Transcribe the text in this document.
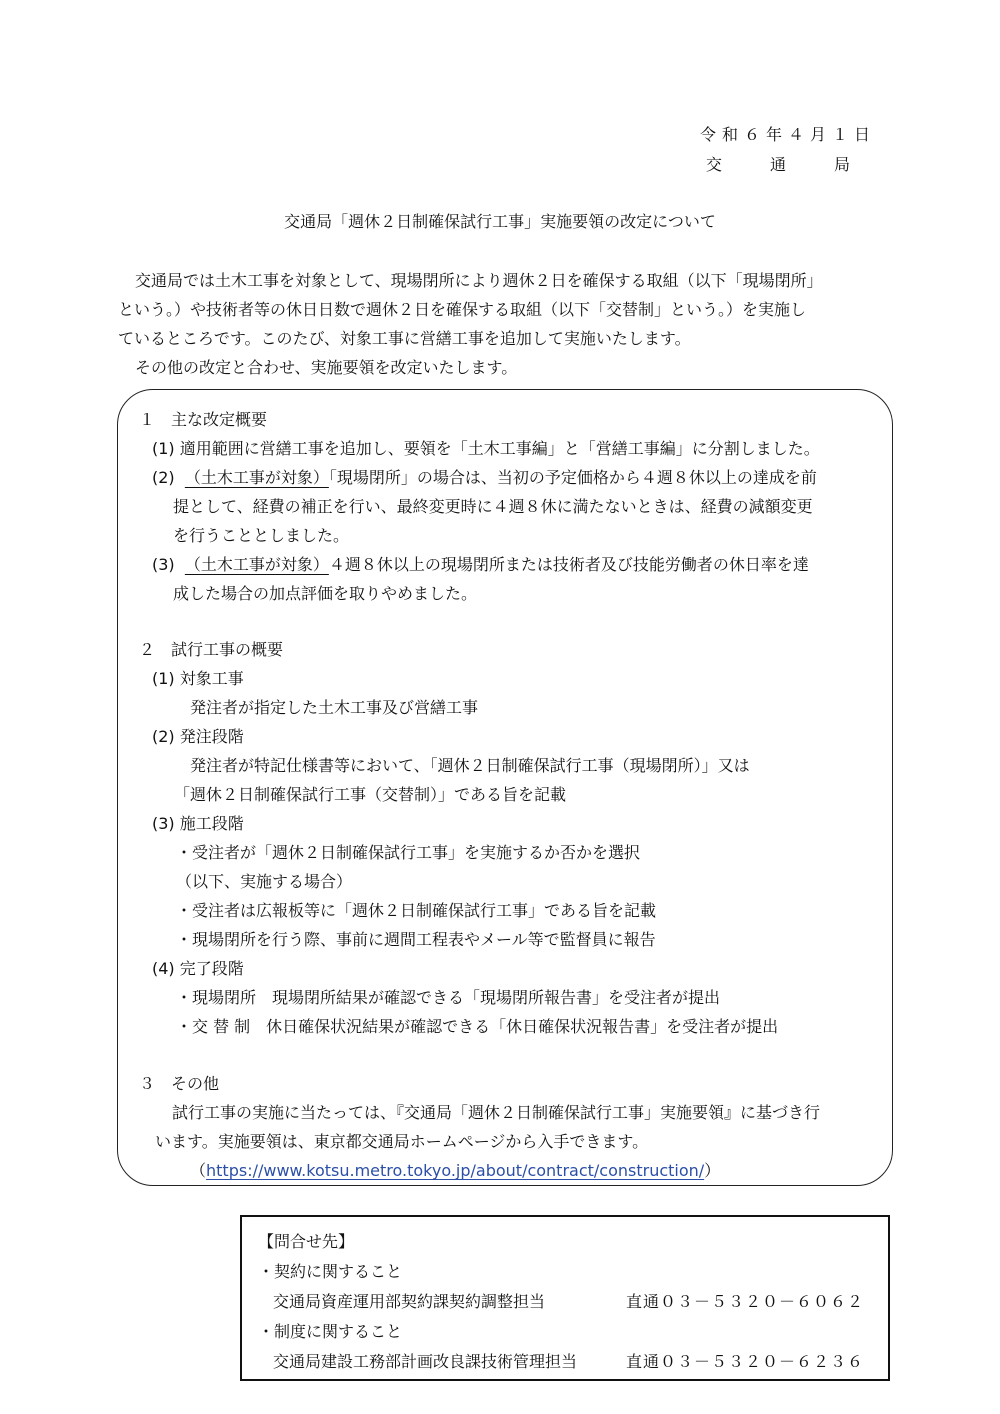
令和６年４月１日
交通局
交通局「週休２日制確保試行工事」実施要領の改定について

交通局では土木工事を対象として、現場閉所により週休２日を確保する取組（以下「現場閉所」

という。）や技術者等の休日日数で週休２日を確保する取組（以下「交替制」という。）を実施し

ているところです。このたび、対象工事に営繕工事を追加して実施いたします。

その他の改定と合わせ、実施要領を改定いたします。

１　主な改定概要
(1) 適用範囲に営繕工事を追加し、要領を「土木工事編」と「営繕工事編」に分割しました。
(2)  （土木工事が対象）「現場閉所」の場合は、当初の予定価格から４週８休以上の達成を前
提として、経費の補正を行い、最終変更時に４週８休に満たないときは、経費の減額変更
を行うこととしました。
(3)  （土木工事が対象）４週８休以上の現場閉所または技術者及び技能労働者の休日率を達
成した場合の加点評価を取りやめました。
２　試行工事の概要
(1) 対象工事
発注者が指定した土木工事及び営繕工事
(2) 発注段階
発注者が特記仕様書等において、「週休２日制確保試行工事（現場閉所）」又は
「週休２日制確保試行工事（交替制）」である旨を記載
(3) 施工段階
・受注者が「週休２日制確保試行工事」を実施するか否かを選択
（以下、実施する場合）
・受注者は広報板等に「週休２日制確保試行工事」である旨を記載
・現場閉所を行う際、事前に週間工程表やメール等で監督員に報告
(4) 完了段階
・現場閉所　現場閉所結果が確認できる「現場閉所報告書」を受注者が提出
・交 替 制　休日確保状況結果が確認できる「休日確保状況報告書」を受注者が提出
３　その他
試行工事の実施に当たっては、『交通局「週休２日制確保試行工事」実施要領』に基づき行
います。実施要領は、東京都交通局ホームページから入手できます。
（https://www.kotsu.metro.tokyo.jp/about/contract/construction/）
【問合せ先】
・契約に関すること
交通局資産運用部契約課契約調整担当	直通０３－５３２０－６０６２
・制度に関すること
交通局建設工務部計画改良課技術管理担当	直通０３－５３２０－６２３６
